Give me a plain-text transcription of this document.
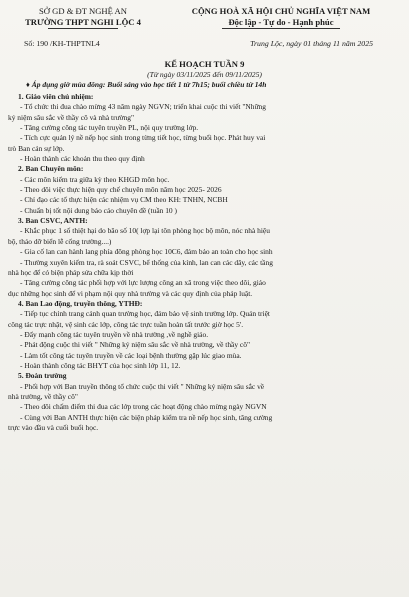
SỞ GD & ĐT NGHỆ AN
TRƯỜNG THPT NGHI LỘC 4
CỘNG HOÀ XÃ HỘI CHỦ NGHĨA VIỆT NAM
Độc lập - Tự do - Hạnh phúc
Số: 190 /KH-THPTNL4	Trung Lộc, ngày 01 tháng 11 năm 2025
KẾ HOẠCH TUẦN 9
(Từ ngày 03/11/2025 đến 09/11/2025)
♦ Áp dụng giờ mùa đông: Buổi sáng vào học tiết 1 từ 7h15; buổi chiều từ 14h

1. Giáo viên chủ nhiệm:

- Tổ chức thi đua chào mừng 43 năm ngày NGVN; triển khai cuộc thi viết "Những

kỷ niệm sâu sắc về thầy cô và nhà trường"

- Tăng cường công tác tuyên truyền PL, nội quy trường lớp.

- Tích cực quản lý nề nếp học sinh trong từng tiết học, từng buổi học. Phát huy vai

trò Ban cán sự lớp.

- Hoàn thành các khoản thu theo quy định

2. Ban Chuyên môn:

- Các môn kiểm tra giữa kỳ theo KHGD môn học.

- Theo dõi việc thực hiện quy chế chuyên môn năm học 2025- 2026

- Chỉ đạo các tổ thực hiện các nhiệm vụ CM theo KH: TNHN, NCBH

- Chuẩn bị tốt nội dung báo cáo chuyên đề (tuần 10 )

3. Ban CSVC, ANTH:

- Khắc phục 1 số thiệt hại do bão số 10( lợp lại tôn phòng học bộ môn, nóc nhà hiệu

bộ, thảo dỡ biển lễ cổng trường....)

- Gia cố lan can hành lang phía đông phòng học 10C6, đảm bảo an toàn cho học sinh

- Thường xuyên kiểm tra, rà soát CSVC, bể thống của kính, lan can các dây, các tầng

nhà học để có biện pháp sửa chữa kịp thời

- Tăng cường công tác phối hợp với lực lượng công an xã trong việc theo dõi, giáo

dục những học sinh để vi phạm nội quy nhà trường và các quy định của pháp luật.

4. Ban Lao động, truyền thông, YTHĐ:

- Tiếp tục chỉnh trang cảnh quan trường học, đảm bảo vệ sinh trường lớp. Quản triệt

công tác trực nhật, vệ sinh các lớp, công tác trực tuần hoàn tất trước giờ học 5'.

- Đẩy mạnh công tác tuyên truyền về nhà trường ,về nghề giáo.

- Phát động cuộc thi viết " Những kỷ niệm sâu sắc về nhà trường, về thầy cô"

- Làm tốt công tác tuyên truyền về các loại bệnh thường gặp lúc giao mùa.

- Hoàn thành công tác BHYT của học sinh lớp 11, 12.

5. Đoàn trường

- Phối hợp với Ban truyền thông tổ chức cuộc thi viết " Những kỷ niệm sâu sắc về

nhà trường, về thầy cô"

- Theo dõi chấm điểm thi đua các lớp trong các hoạt động chào mừng ngày NGVN

- Cùng với Ban ANTH thực hiện các biện pháp kiểm tra nề nếp học sinh, tăng cường

trực vào đầu và cuối buổi học.
